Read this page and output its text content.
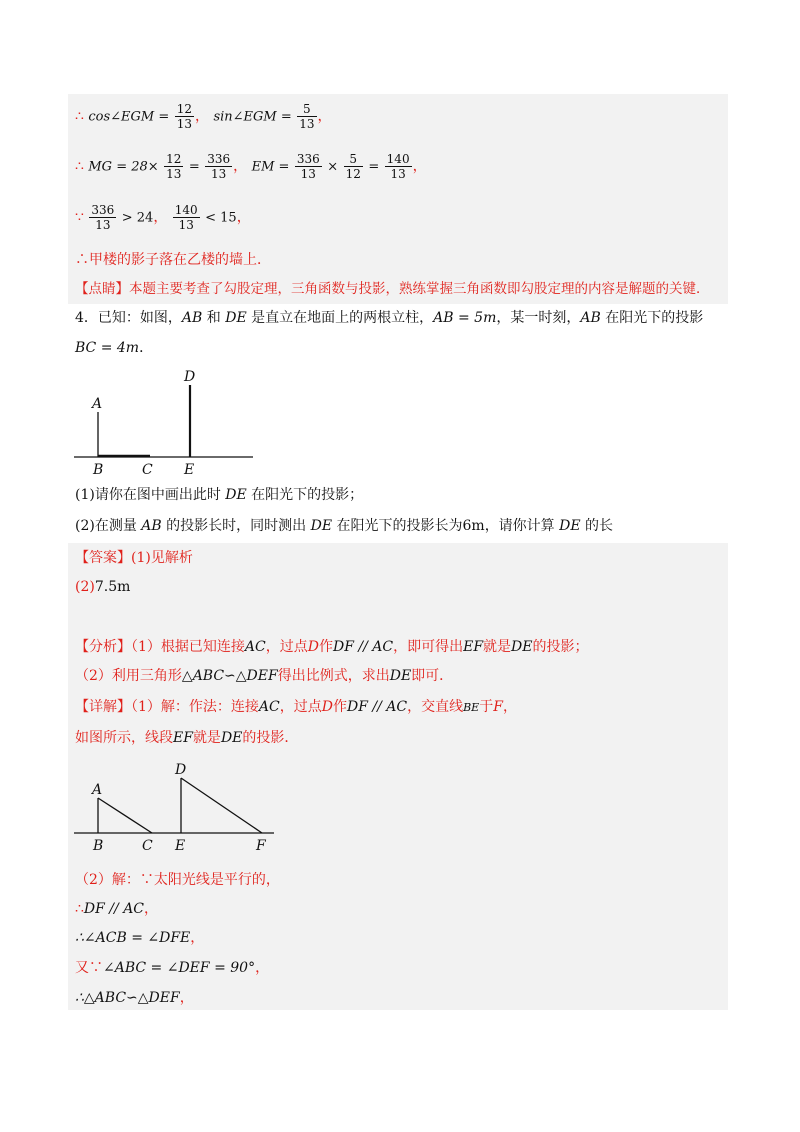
∴ cos∠EGM = $\frac{12}{13}$ ， sin∠EGM = $\frac{5}{13}$ ，
∴ MG = $28\times \frac{12}{13} = \frac{336}{13}$ ， EM = $\frac{336}{13} \times \frac{5}{12} = \frac{140}{13}$ ，
∵ $\frac{336}{13} > 24$， $\frac{140}{13} < 15$，
∴甲楼的影子落在乙楼的墙上．
【点睛】本题主要考查了勾股定理，三角函数与投影，熟练掌握三角函数即勾股定理的内容是解题的关键．
4．已知：如图，AB 和 DE 是直立在地面上的两根立柱，AB = 5m，某一时刻，AB 在阳光下的投影
BC = 4m．
A
B	C
D
E
(1)请你在图中画出此时 DE 在阳光下的投影；
(2)在测量 AB 的投影长时，同时测出 DE 在阳光下的投影长为6m，请你计算 DE 的长
【答案】(1)见解析
(2)7.5m
【分析】（1）根据已知连接AC，过点D作DF // AC，即可得出EF就是DE的投影；
（2）利用三角形△ABC∽△DEF得出比例式，求出DE即可．
【详解】（1）解：作法：连接AC，过点D作DF // AC，交直线BE于F，
如图所示，线段EF就是DE的投影．
A
B	C
D
E	F
（2）解：∵太阳光线是平行的，
∴DF // AC，
∴∠ACB = ∠DFE，
又∵∠ABC = ∠DEF = 90°，
∴△ABC∽△DEF，
